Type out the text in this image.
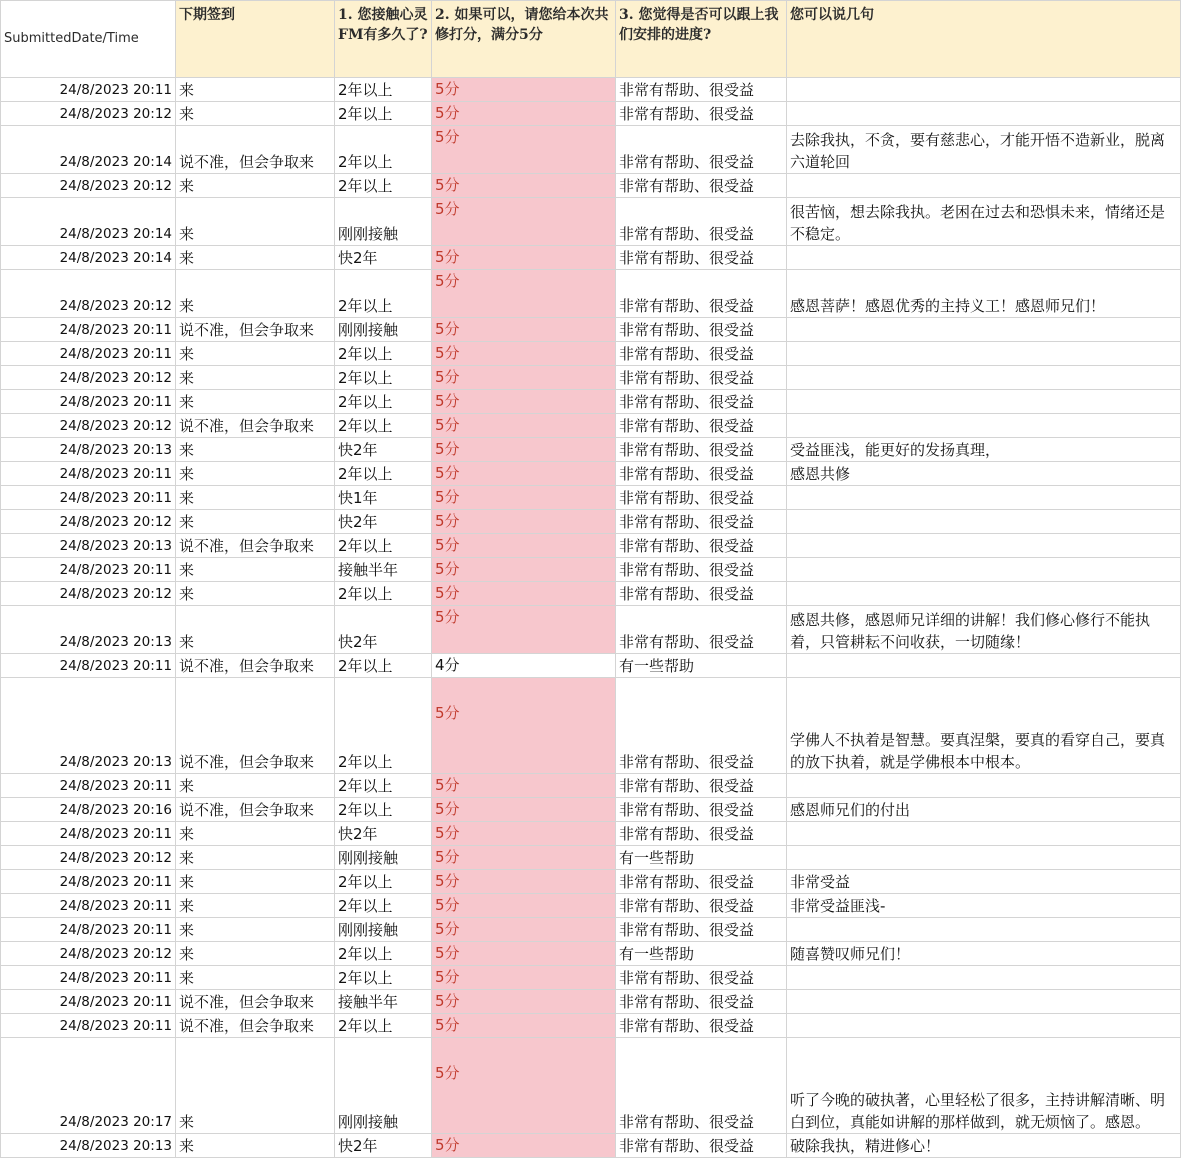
SubmittedDate/Time	下期签到	1. 您接触心灵FM有多久了?	2. 如果可以，请您给本次共修打分，满分5分	3. 您觉得是否可以跟上我们安排的进度?	您可以说几句
24/8/2023 20:11	来	2年以上	5分	非常有帮助、很受益	
24/8/2023 20:12	来	2年以上	5分	非常有帮助、很受益	
24/8/2023 20:14	说不准，但会争取来	2年以上	5分	非常有帮助、很受益	去除我执，不贪，要有慈悲心，才能开悟不造新业，脱离六道轮回
24/8/2023 20:12	来	2年以上	5分	非常有帮助、很受益	
24/8/2023 20:14	来	刚刚接触	5分	非常有帮助、很受益	很苦恼，想去除我执。老困在过去和恐惧未来，情绪还是不稳定。
24/8/2023 20:14	来	快2年	5分	非常有帮助、很受益	
24/8/2023 20:12	来	2年以上	5分	非常有帮助、很受益	感恩菩萨！感恩优秀的主持义工！感恩师兄们！
24/8/2023 20:11	说不准，但会争取来	刚刚接触	5分	非常有帮助、很受益	
24/8/2023 20:11	来	2年以上	5分	非常有帮助、很受益	
24/8/2023 20:12	来	2年以上	5分	非常有帮助、很受益	
24/8/2023 20:11	来	2年以上	5分	非常有帮助、很受益	
24/8/2023 20:12	说不准，但会争取来	2年以上	5分	非常有帮助、很受益	
24/8/2023 20:13	来	快2年	5分	非常有帮助、很受益	受益匪浅，能更好的发扬真理，
24/8/2023 20:11	来	2年以上	5分	非常有帮助、很受益	感恩共修
24/8/2023 20:11	来	快1年	5分	非常有帮助、很受益	
24/8/2023 20:12	来	快2年	5分	非常有帮助、很受益	
24/8/2023 20:13	说不准，但会争取来	2年以上	5分	非常有帮助、很受益	
24/8/2023 20:11	来	接触半年	5分	非常有帮助、很受益	
24/8/2023 20:12	来	2年以上	5分	非常有帮助、很受益	
24/8/2023 20:13	来	快2年	5分	非常有帮助、很受益	感恩共修，感恩师兄详细的讲解！我们修心修行不能执着，只管耕耘不问收获，一切随缘！
24/8/2023 20:11	说不准，但会争取来	2年以上	4分	有一些帮助	
24/8/2023 20:13	说不准，但会争取来	2年以上	5分	非常有帮助、很受益	学佛人不执着是智慧。要真涅槃，要真的看穿自己，要真的放下执着，就是学佛根本中根本。
24/8/2023 20:11	来	2年以上	5分	非常有帮助、很受益	
24/8/2023 20:16	说不准，但会争取来	2年以上	5分	非常有帮助、很受益	感恩师兄们的付出
24/8/2023 20:11	来	快2年	5分	非常有帮助、很受益	
24/8/2023 20:12	来	刚刚接触	5分	有一些帮助	
24/8/2023 20:11	来	2年以上	5分	非常有帮助、很受益	非常受益
24/8/2023 20:11	来	2年以上	5分	非常有帮助、很受益	非常受益匪浅-
24/8/2023 20:11	来	刚刚接触	5分	非常有帮助、很受益	
24/8/2023 20:12	来	2年以上	5分	有一些帮助	随喜赞叹师兄们！
24/8/2023 20:11	来	2年以上	5分	非常有帮助、很受益	
24/8/2023 20:11	说不准，但会争取来	接触半年	5分	非常有帮助、很受益	
24/8/2023 20:11	说不准，但会争取来	2年以上	5分	非常有帮助、很受益	
24/8/2023 20:17	来	刚刚接触	5分	非常有帮助、很受益	听了今晚的破执著，心里轻松了很多，主持讲解清晰、明白到位，真能如讲解的那样做到，就无烦恼了。感恩。
24/8/2023 20:13	来	快2年	5分	非常有帮助、很受益	破除我执，精进修心！
